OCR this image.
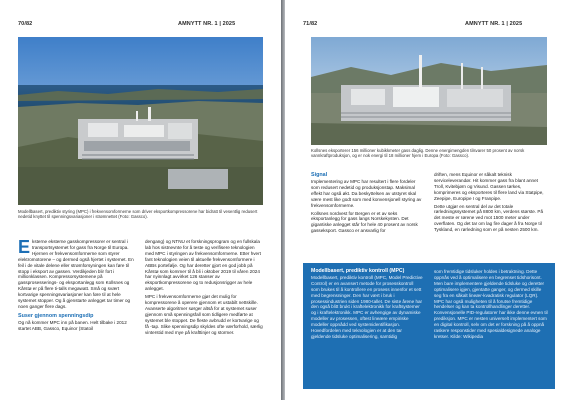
70/82	AMNYTT NR. 1 | 2025
Modellbasert, prediktiv styring (MPC) i frekvensomformerne som driver eksportkompressorene har bidratt til vesentlig redusert nedetid knyttet til spenningsvariasjoner i strømnettet (Foto: Gassco).
E ksterne eksterne gasskompressorer er sentral i transportsystemet for gass fra Norge til Europa. Hjernen er frekvensomformerne som styrer elektromotorene – og dermed også hjertet i systemet. En feil i de vitale delene eller strømforsyningen kan føre til stopp i eksport av gassen. Verdikjeden blir fort i millionklassen. Kompressorsystemene på gassprosesserings- og eksportanlegg som Kollsnes og Kårstø er på flere ti-talls megawatt. Små og svært kortvarige spenningsvariasjoner kan føre til at hele systemet stopper. Og å gjenstarte anlegget tar timer og noen ganger flere dags.

Suser gjennom spenningsdip

Og nå kommer MPC inn på banen. Helt tilbake i 2012 startet ABB, Gassco, Equinor (Statoil

dengang) og NTNU et forskningsprogram og en fullskala lab hos sistnevnte for å teste og verifisere teknologien med MPC i styringen av frekvensomformerne. Etter hvert fant teknologien veien til aktuelle frekvensomformere i ABBs portefølje. Og har deretter gjort en god jobb på Kårstø som kommer til å bli i oktober 2019 til våren 2024 har nyinnlagt avvirket 126 stanser av eksportkompressorene og to redusjonsrigger av hele anlegget.

MPC i frekvensomformerne gjør det mulig for kompressorene å operere gjennom et ustabilt nettskille. Avanserte algoritmer sørger altså for at systemet suser gjennom små spenningsfall som tidligere medførte at systemet ble stoppet. De fleste avbrudd er kortvarige og få -tap. Slike spenningsdip skyldes ofte værforhold, særlig vinterstid med mye på krafttinjer og stormer.

71/82	AMNYTT NR. 1 | 2025
Kollsnes eksporterer 156 millioner kubikkmeter gass daglig. Denne energimengden tilsvarer 50 prosent av norsk vannkraftproduksjon, og er nok energi til 18 millioner hjem i Europa (Foto: Gassco).
Signal

Implementering av MPC har resultert i flere fordeler som redusert nedetid og produksjonstap. Maksimal effekt har også økt. Da beskyttelsen av utstyret skal være mest like godt som med konvensjonell styring av frekvensomformerne.

Kollsnes nordvest for Bergen er et av seks eksportanlegg for gass langs Norskekysten. Det gigantiske anlegget står for hele 40 prosent av norsk gasseksport. Gassco er ansvarlig for

driften, mens Equinor er såkalt teknisk serviceleverandør. Hit kommer gass fra blant annet Troll, Kvitebjørn og Visund. Gassen tørkes, komprimeres og eksporteres til flere land via Statpipe, Zeepipe, Europipe I og Franpipe.

Dette utgjør en sentral del av det totale rørledningssystemet på 8800 km, verdens største. På det meste er rørene ved mot 1500 meter under overflaten. Og det tar om lag fire dager å fra Norge til Tyskland, en rørledning som er på nesten 2500 km.

Modellbasert, prediktiv kontroll (MPC)

Modellbasert, prediktiv kontroll (MPC, Model Predictive Control) er en avansert metode for prosesskontroll som brukes til å kontrollere en prosess innenfor et sett med begrensninger. Den har vært i bruk i prosessindustrien siden 1980-tallet. De siste årene har den også blitt brukt i kraftelektronikk for kraftsystemer og i kraftelektronikk. MPC er avhengige av dynamiske modeller av prosessen, oftest lineære empiriske modeller oppnådd ved systemidentifikasjon. Hovedfordelen med teknologien er at den tar gjeldende tidsluke optimalisering, samtidig

som fremtidige tidsluker holdes i betraktning. Dette oppnås ved å optimalisere en begrenset tidshorisont. Men bare implementere gjeldende tidsluke og deretter optimalisere igjen, gjentatte ganger, og dermed skille seg fra en såkalt lineær-kvadratisk regulator (LQR). MPC har også muligheten til å forutse fremtidige hendelser og kan ta kontrollhandlinger deretter. Konvensjonelle PID-regulatorer har ikke denne evnen til prediksjon. MPC er nesten universelt implementert som en digital kontroll, selv om det er forskning på å oppnå raskere responstider med spesialdesignede analoge kretser. Kilde: Wikipedia
